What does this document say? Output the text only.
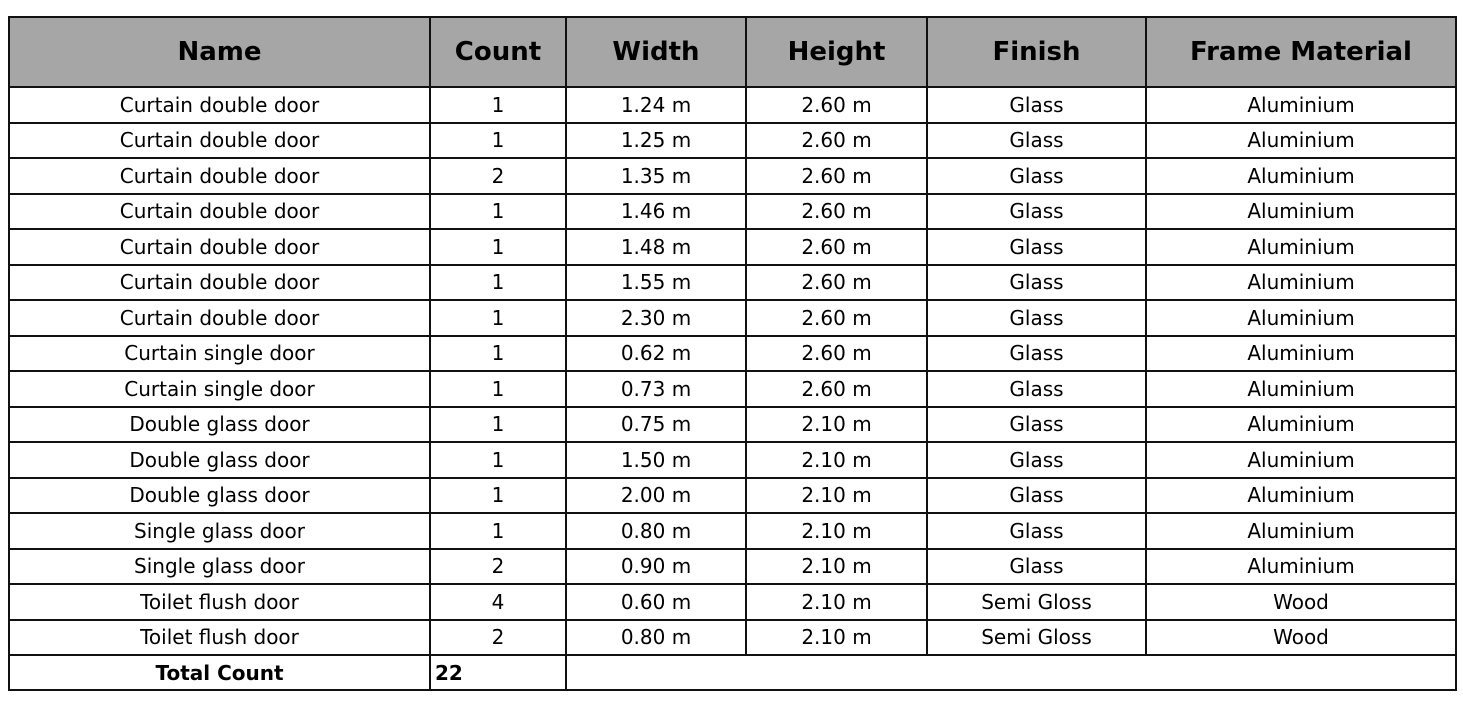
Name	Count	Width	Height	Finish	Frame Material
Curtain double door	1	1.24 m	2.60 m	Glass	Aluminium
Curtain double door	1	1.25 m	2.60 m	Glass	Aluminium
Curtain double door	2	1.35 m	2.60 m	Glass	Aluminium
Curtain double door	1	1.46 m	2.60 m	Glass	Aluminium
Curtain double door	1	1.48 m	2.60 m	Glass	Aluminium
Curtain double door	1	1.55 m	2.60 m	Glass	Aluminium
Curtain double door	1	2.30 m	2.60 m	Glass	Aluminium
Curtain single door	1	0.62 m	2.60 m	Glass	Aluminium
Curtain single door	1	0.73 m	2.60 m	Glass	Aluminium
Double glass door	1	0.75 m	2.10 m	Glass	Aluminium
Double glass door	1	1.50 m	2.10 m	Glass	Aluminium
Double glass door	1	2.00 m	2.10 m	Glass	Aluminium
Single glass door	1	0.80 m	2.10 m	Glass	Aluminium
Single glass door	2	0.90 m	2.10 m	Glass	Aluminium
Toilet flush door	4	0.60 m	2.10 m	Semi Gloss	Wood
Toilet flush door	2	0.80 m	2.10 m	Semi Gloss	Wood
Total Count	22				
